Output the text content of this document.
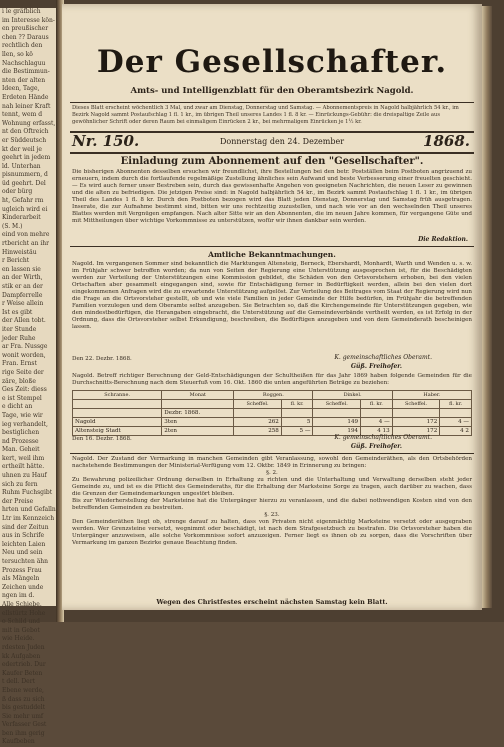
i le gräfblich

im Interesse kön-

en preußischer

chen ?? Daraus

rechtlich den

llen, so kö

Nachschlaguu

die Bestimmun-

nten der alten

Ideen, Tage,

Erdeten Hände

nah leiner Kraft

tennt, wem d

Wohnung erfasst,

nt den Oftreich

er Süddeutsch

kt der weil je

geehrt in jedem

ld. Unterhan

pisnummern, d

üd geehrt. Del

oder bürg

ht, Gefahr rm

ugleich wird ei

Kinderarbeit

(S. M.)

eind von mehre

rtbericht an ihr

Hinweistäu

r Bericht

en lassen sie

an der Wirth,

stik er an der

Dampferrelle

r Weise allein

Ist es gibt

der Allen tobt.

iter Stunde

jeder Ruhe

ar Fra. Nussge

wonit worden,

Fran. Ernst

rige Seite der

zäre, bloße

Ges Zeit: diess

e ist Stempel

e dicht an

Tage, wie wir

ieg verhandelt,

bestiglichen

nd Prozesse

Man. Geheit

kert, weil ihm

ertheilt hätte.

uhnen zu Hauf

sich zu fern

Ruhm Fuchsgibt

der Preise

hrten und Gefalln

Ltr im Kennzeich

sind der Zeitun

aus in Schrife

leichten Laien

Neu und sein

tersuchten ähn

Prozess Frau

als Mängeln

Zeichen unde

ngen im d.

Alle Schiebe.

ellstürtz Hohe

o Schild und

mit in Gebot

wie Heide.

rdesten Juden

kk Aufgaben

edertrieb. Dur

Kaufer Beten

t dell. Dert

Ebene werde,

ß dass zu sich

bis gestuddelt

Sie mehr umf

Verfasser Gest

ben ihm gerig

Kaufbeben

Der Gesellschafter.
Amts- und Intelligenzblatt für den Oberamtsbezirk Nagold.
Dieses Blatt erscheint wöchentlich 3 Mal, und zwar am Dienstag, Donnerstag und Samstag. — Abonnementspreis in Nagold halbjährlich 54 kr., im Bezirk Nagold sammt Postaufschlag 1 fl. 1 kr., im übrigen Theil unseres Landes 1 fl. 8 kr. — Einrückungs-Gebühr: die dreispaltige Zeile aus gewöhnlicher Schrift oder deren Raum bei einmaligem Einrücken 2 kr., bei mehrmaligem Einrücken je 1½ kr.
Nr. 150.	Donnerstag den 24. Dezember	1868.
Einladung zum Abonnement auf den "Gesellschafter".

Die bisherigen Abonnenten desselben ersuchen wir freundlichst, ihre Bestellungen bei den betr. Postställen beim Postboten angrizuend zu erneuern, indem durch die fortlaufende regelmäßige Zustellung ähnliches sein Aufwand und beste Verbesserung einer freuelten geschieht. — Es wird auch ferner unser Bestreben sein, durch das gewissenhafte Angehen von geeigneten Nachrichten, die neuen Leser zu gewinnen und die alten zu befriedigen. Die jetzigen Preise sind: in Nagold halbjährlich 54 kr., im Bezirk sammt Postaufschlag 1 fl. 1 kr., im übrigen Theil des Landes 1 fl. 8 kr. Durch den Postboten bezogen wird das Blatt jeden Dienstag, Donnerstag und Samstag früh ausgetragen. Inserate, die zur Aufnahme bestimmt sind, bitten wir uns rechtzeitig zuzustellen, und nach wie vor an den wechselnden Theil unseres Blattes werden mit Vergnügen empfangen. Nach alter Sitte wir an den Abonnenten, die im neuen Jahre kommen, für vergangene Güte und mit Mittheilungen über wichtige Vorkommnisse zu unterstützen, wofür wir ihnen dankbar sein werden.

Die Redaktion.
Amtliche Bekanntmachungen.

Nagold. Im vergangenen Sommer sind bekanntlich die Marktungen Altensteig, Berneck, Ebershardt, Monhardt, Warth und Wenden u. s. w. im Frühjahr schwer betroffen worden; da nun von Seiten der Regierung eine Unterstützung ausgesprochen ist, für die Beschädigten werden zur Verteilung der Unterstützungen eine Kommission gebildet, die Schäden von den Ortsvorstehern erhoben, bei den vielen Ortschaften aber gesammelt eingegangen sind, sowie für Entschädigung ferner in Bedürftigkeit werden, allein bei den vielen dort eingekommenen Anfragen wird die zu erwartende Unterstützung aufgelöst. Zur Verteilung des Beitrages vom Staat der Regierung wird nun die Frage an die Ortsvorsteher gestellt, ob und wie viele Familien in jeder Gemeinde der Hilfe bedürfen, im Frühjahr die betreffenden Familien vorzulegen und dem Oberamte selbst anzugeben. Sie Betrachten so, daß die Kirchengemeinde für Unterstützungen gegeben, wie den mindestbedürftigen, die Herangaben eingebracht, die Unterstützung auf die Gemeindeverbände vertheilt werden, es ist Erfolg in der Ordnung, dass die Ortsvorsteher selbst Erkundigung, beschreiben, die Bedürftigen anzugeben und von dem Gemeinderath bescheinigen lassen.

Den 22. Dezbr. 1868.	K. gemeinschaftliches Oberamt.
Güß. Freihofer.
Nagold. Betreff richtiger Berechnung der Geld-Entschädigungen der Schultheißen für das Jahr 1869 haben folgende Gemeinden für die Durchschnitts-Berechnung nach dem Steuerfuß vom 16. Okt. 1860 die unten angeführten Beträge zu beziehen:
Schranne.	Monat	Roggen.		Dinkel.		Haber.	
		Scheffel.	fl. kr.	Scheffel.	fl. kr.	Scheffel.	fl. kr.
	Dezbr. 1868.						
Nagold	3ten	262	5	149	4 —	172	4 —
Altensteig Stadt	2ten	258	5 —	194	4 13	172	4 2
Den 16. Dezbr. 1868.	K. gemeinschaftliches Oberamt.
Güß. Freihofer.

Nagold. Der Zustand der Vermarkung in manchen Gemeinden gibt Veranlassung, sowohl den Gemeinderäthen, als den Ortsbehörden nachstehende Bestimmungen der Ministerial-Verfügung vom 12. Oktbr. 1849 in Erinnerung zu bringen:

§. 2.

Zu Bewahrung polizeilicher Ordnung derselben in Erhaltung zu richten und die Unterhaltung und Verwaltung derselben steht jeder Gemeinde zu, und ist es die Pflicht des Gemeinderaths, für die Erhaltung der Marksteine Sorge zu tragen, auch darüber zu wachen, dass die Grenzen der Gemeindemarkungen ungestört bleiben.

Bis zur Wiederherstellung der Marksteine hat die Untergänger hierzu zu veranlassen, und die dabei nothwendigen Kosten sind von den betreffenden Gemeinden zu bestreiten.

§. 23.

Den Gemeinderäthen liegt ob, strenge darauf zu halten, dass von Privaten nicht eigenmächtig Marksteine versetzt oder ausgegraben werden. Wer Grenzsteine versetzt, wegnimmt oder beschädigt, ist nach dem Strafgesetzbuch zu bestrafen. Die Ortsvorsteher haben die Untergänger anzuweisen, alle solche Vorkommnisse sofort anzuzeigen. Ferner liegt es ihnen ob zu sorgen, dass die Vorschriften über Vermarkung im ganzen Bezirke genaue Beachtung finden.

Wegen des Christfestes erscheint nächsten Samstag kein Blatt.
